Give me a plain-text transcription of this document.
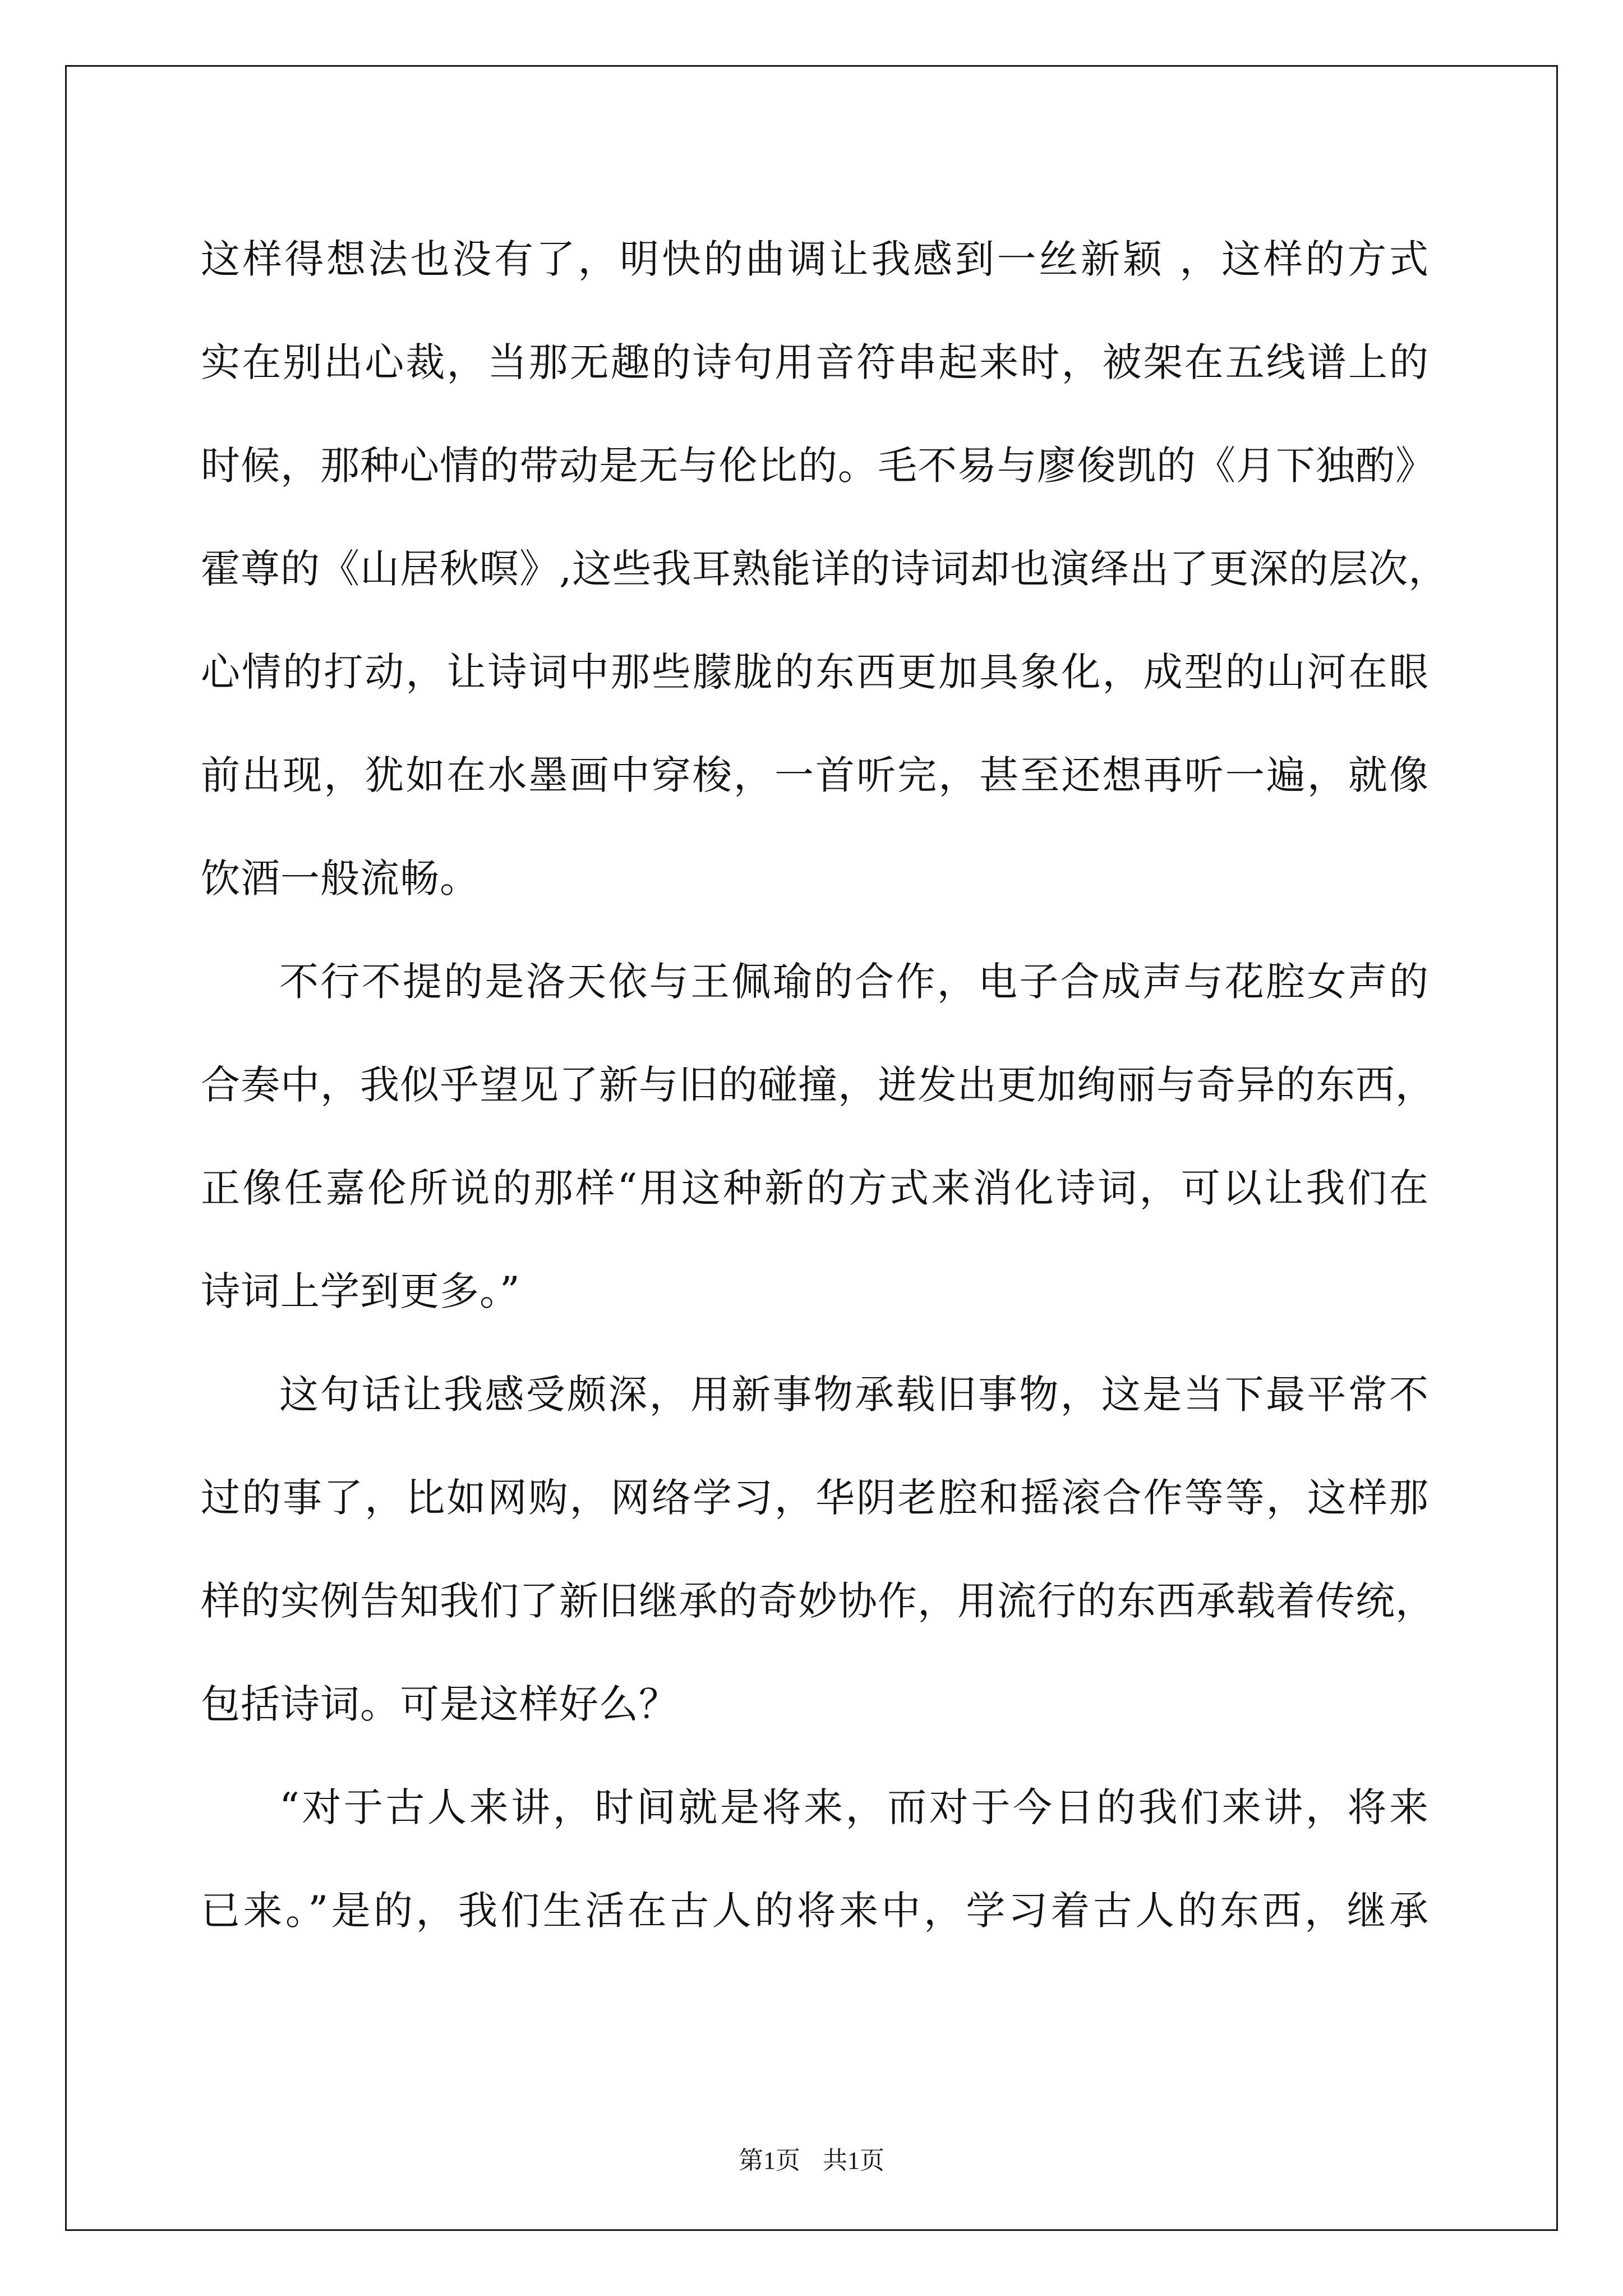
这样得想法也没有了，明快的曲调让我感到一丝新颖 ，这样的方式
实在别出心裁，当那无趣的诗句用音符串起来时，被架在五线谱上的
时候，那种心情的带动是无与伦比的。毛不易与廖俊凯的《月下独酌》
霍尊的《山居秋暝》,这些我耳熟能详的诗词却也演绎出了更深的层次，
心情的打动，让诗词中那些朦胧的东西更加具象化，成型的山河在眼
前出现，犹如在水墨画中穿梭，一首听完，甚至还想再听一遍，就像
饮酒一般流畅。
不行不提的是洛天依与王佩瑜的合作，电子合成声与花腔女声的
合奏中，我似乎望见了新与旧的碰撞，迸发出更加绚丽与奇异的东西，
正像任嘉伦所说的那样“用这种新的方式来消化诗词，可以让我们在
诗词上学到更多。”
这句话让我感受颇深，用新事物承载旧事物，这是当下最平常不
过的事了，比如网购，网络学习，华阴老腔和摇滚合作等等，这样那
样的实例告知我们了新旧继承的奇妙协作，用流行的东西承载着传统，
包括诗词。可是这样好么？
“对于古人来讲，时间就是将来，而对于今日的我们来讲，将来
已来。”是的，我们生活在古人的将来中，学习着古人的东西，继承
第1页 共1页
